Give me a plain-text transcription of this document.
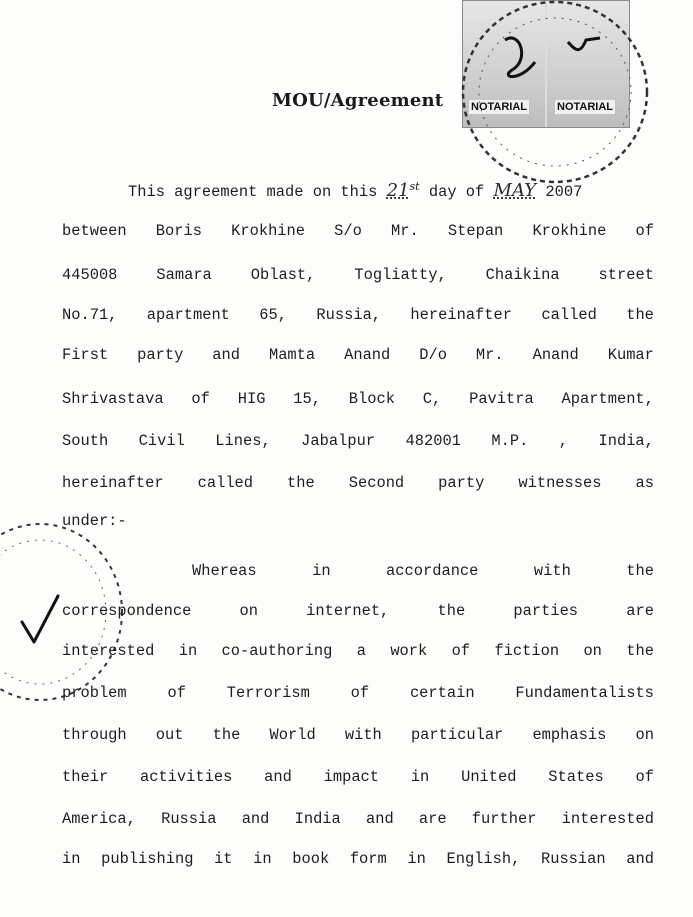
NOTARIAL	NOTARIAL
MOU/Agreement
This agreement made on this 21st day of MAY 2007
between Boris Krokhine S/o Mr. Stepan Krokhine of
445008	Samara	Oblast,	Togliatty,	Chaikina	street
No.71, apartment 65, Russia, hereinafter called the
First party and Mamta Anand D/o Mr. Anand Kumar
Shrivastava of HIG 15, Block C, Pavitra Apartment,
South Civil Lines, Jabalpur 482001 M.P. , India,
hereinafter called the Second party witnesses as
under:-
Whereas	in	accordance	with	the
correspondence	on	internet,	the	parties	are
interested in co-authoring a work of fiction on the
problem	of	Terrorism	of	certain	Fundamentalists
through out the World with particular emphasis on
their activities and impact in United States of
America, Russia and India and are further interested
in publishing it in book form in English, Russian and
